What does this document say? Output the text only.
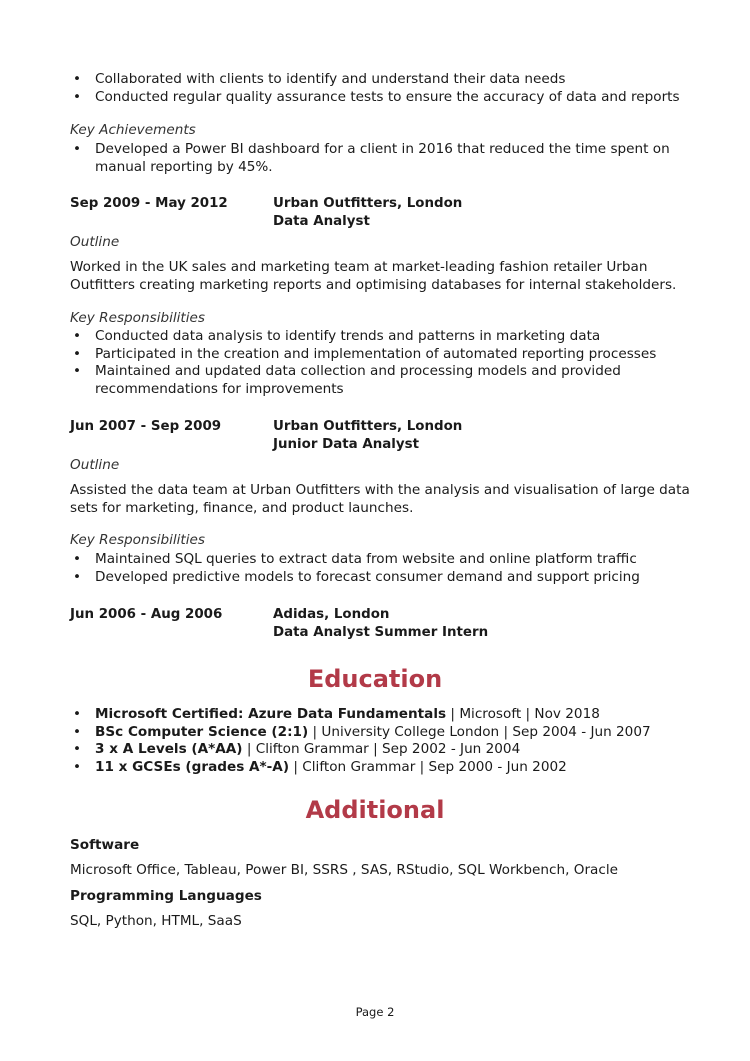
• Collaborated with clients to identify and understand their data needs
• Conducted regular quality assurance tests to ensure the accuracy of data and reports
Key Achievements
• Developed a Power BI dashboard for a client in 2016 that reduced the time spent on manual reporting by 45%.
Sep 2009 - May 2012	Urban Outfitters, London
Data Analyst
Outline
Worked in the UK sales and marketing team at market-leading fashion retailer Urban Outfitters creating marketing reports and optimising databases for internal stakeholders.
Key Responsibilities
• Conducted data analysis to identify trends and patterns in marketing data
• Participated in the creation and implementation of automated reporting processes
• Maintained and updated data collection and processing models and provided recommendations for improvements
Jun 2007 - Sep 2009	Urban Outfitters, London
Junior Data Analyst
Outline
Assisted the data team at Urban Outfitters with the analysis and visualisation of large data sets for marketing, finance, and product launches.
Key Responsibilities
• Maintained SQL queries to extract data from website and online platform traffic
• Developed predictive models to forecast consumer demand and support pricing
Jun 2006 - Aug 2006	Adidas, London
Data Analyst Summer Intern
Education
• Microsoft Certified: Azure Data Fundamentals | Microsoft | Nov 2018
• BSc Computer Science (2:1) | University College London | Sep 2004 - Jun 2007
• 3 x A Levels (A*AA) | Clifton Grammar | Sep 2002 - Jun 2004
• 11 x GCSEs (grades A*-A) | Clifton Grammar | Sep 2000 - Jun 2002
Additional
Software
Microsoft Office, Tableau, Power BI, SSRS , SAS, RStudio, SQL Workbench, Oracle
Programming Languages
SQL, Python, HTML, SaaS
Page 2
